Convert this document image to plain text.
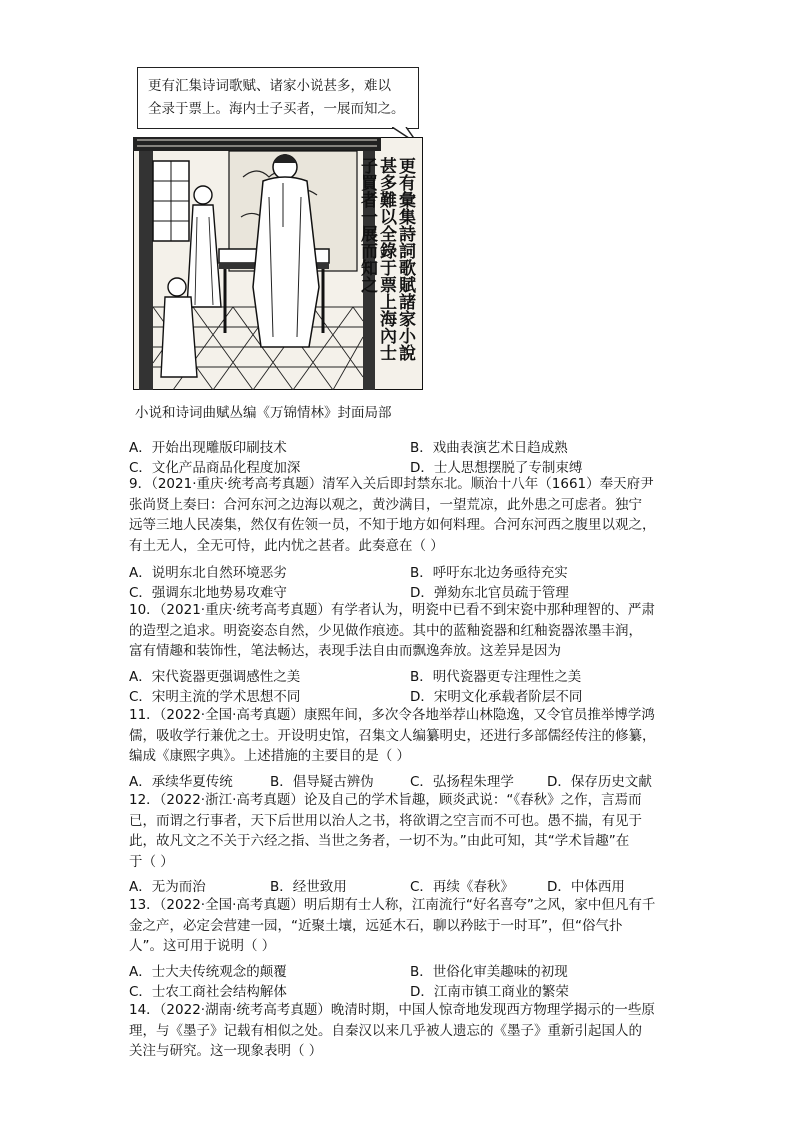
更有汇集诗词歌赋、诸家小说甚多，难以
全录于票上。海内士子买者，一展而知之。
更有彙集詩詞歌賦諸家小說
甚多難以全錄于票上海內士
子買者一展而知之
小说和诗词曲赋丛编《万锦情林》封面局部
A．开始出现雕版印刷技术	B．戏曲表演艺术日趋成熟
C．文化产品商品化程度加深	D．士人思想摆脱了专制束缚
9．（2021·重庆·统考高考真题）清军入关后即封禁东北。顺治十八年（1661）奉天府尹
张尚贤上奏曰：合河东河之边海以观之，黄沙满目，一望荒凉，此外患之可虑者。独宁
远等三地人民凑集，然仅有佐领一员，不知于地方如何料理。合河东河西之腹里以观之，
有土无人，全无可恃，此内忧之甚者。此奏意在（ ）
A．说明东北自然环境恶劣	B．呼吁东北边务亟待充实
C．强调东北地势易攻难守	D．弹劾东北官员疏于管理
10．（2021·重庆·统考高考真题）有学者认为，明瓷中已看不到宋瓷中那种理智的、严肃
的造型之追求。明瓷姿态自然，少见做作痕迹。其中的蓝釉瓷器和红釉瓷器浓墨丰润，
富有情趣和装饰性，笔法畅达，表现手法自由而飘逸奔放。这差异是因为
A．宋代瓷器更强调感性之美	B．明代瓷器更专注理性之美
C．宋明主流的学术思想不同	D．宋明文化承载者阶层不同
11．（2022·全国·高考真题）康熙年间，多次令各地举荐山林隐逸，又令官员推举博学鸿
儒，吸收学行兼优之士。开设明史馆，召集文人编纂明史，还进行多部儒经传注的修纂，
编成《康熙字典》。上述措施的主要目的是（ ）
A．承续华夏传统	B．倡导疑古辨伪	C．弘扬程朱理学 D．保存历史文献
12．（2022·浙江·高考真题）论及自己的学术旨趣，顾炎武说：“《春秋》之作，言焉而
已，而谓之行事者，天下后世用以治人之书，将欲谓之空言而不可也。愚不揣，有见于
此，故凡文之不关于六经之指、当世之务者，一切不为。”由此可知，其“学术旨趣”在
于（ ）
A．无为而治	B．经世致用	C．再续《春秋》 D．中体西用
13．（2022·全国·高考真题）明后期有士人称，江南流行“好名喜夸”之风，家中但凡有千
金之产，必定会营建一园，“近聚土壤，远延木石，聊以矜眩于一时耳”，但“俗气扑
人”。这可用于说明（ ）
A．士大夫传统观念的颠覆	B．世俗化审美趣味的初现
C．士农工商社会结构解体	D．江南市镇工商业的繁荣
14．（2022·湖南·统考高考真题）晚清时期，中国人惊奇地发现西方物理学揭示的一些原
理，与《墨子》记载有相似之处。自秦汉以来几乎被人遗忘的《墨子》重新引起国人的
关注与研究。这一现象表明（ ）
